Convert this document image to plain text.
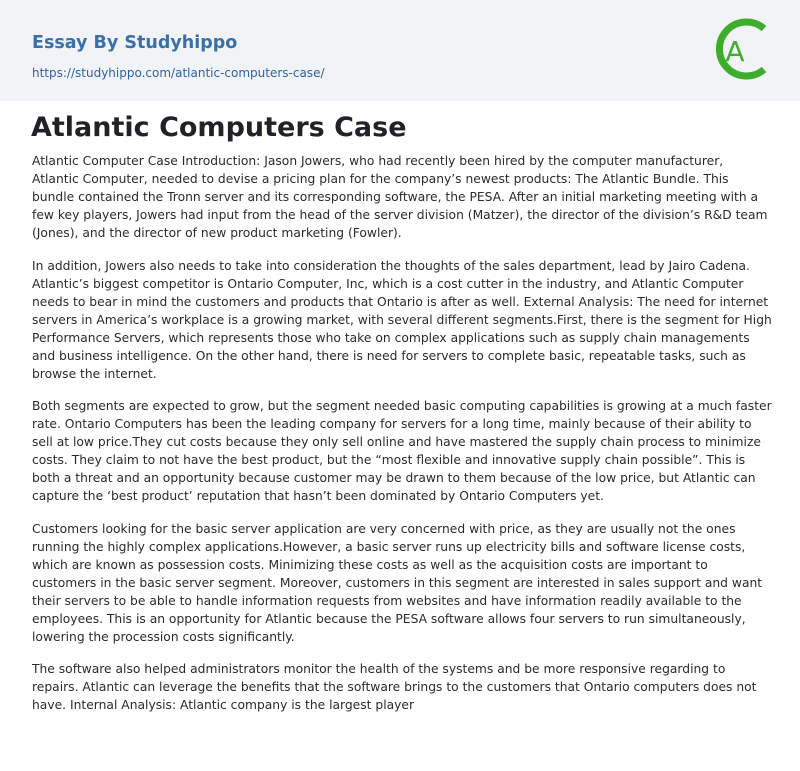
Essay By Studyhippo
https://studyhippo.com/atlantic-computers-case/
A
Atlantic Computers Case

Atlantic Computer Case Introduction: Jason Jowers, who had recently been hired by the computer manufacturer, Atlantic Computer, needed to devise a pricing plan for the company’s newest products: The Atlantic Bundle. This bundle contained the Tronn server and its corresponding software, the PESA. After an initial marketing meeting with a few key players, Jowers had input from the head of the server division (Matzer), the director of the division’s R&D team (Jones), and the director of new product marketing (Fowler).

In addition, Jowers also needs to take into consideration the thoughts of the sales department, lead by Jairo Cadena. Atlantic’s biggest competitor is Ontario Computer, Inc, which is a cost cutter in the industry, and Atlantic Computer needs to bear in mind the customers and products that Ontario is after as well. External Analysis: The need for internet servers in America’s workplace is a growing market, with several different segments.First, there is the segment for High Performance Servers, which represents those who take on complex applications such as supply chain managements and business intelligence. On the other hand, there is need for servers to complete basic, repeatable tasks, such as browse the internet.

Both segments are expected to grow, but the segment needed basic computing capabilities is growing at a much faster rate. Ontario Computers has been the leading company for servers for a long time, mainly because of their ability to sell at low price.They cut costs because they only sell online and have mastered the supply chain process to minimize costs. They claim to not have the best product, but the “most flexible and innovative supply chain possible”. This is both a threat and an opportunity because customer may be drawn to them because of the low price, but Atlantic can capture the ‘best product’ reputation that hasn’t been dominated by Ontario Computers yet.

Customers looking for the basic server application are very concerned with price, as they are usually not the ones running the highly complex applications.However, a basic server runs up electricity bills and software license costs, which are known as possession costs. Minimizing these costs as well as the acquisition costs are important to customers in the basic server segment. Moreover, customers in this segment are interested in sales support and want their servers to be able to handle information requests from websites and have information readily available to the employees. This is an opportunity for Atlantic because the PESA software allows four servers to run simultaneously, lowering the procession costs significantly.

The software also helped administrators monitor the health of the systems and be more responsive regarding to repairs. Atlantic can leverage the benefits that the software brings to the customers that Ontario computers does not have. Internal Analysis: Atlantic company is the largest player
